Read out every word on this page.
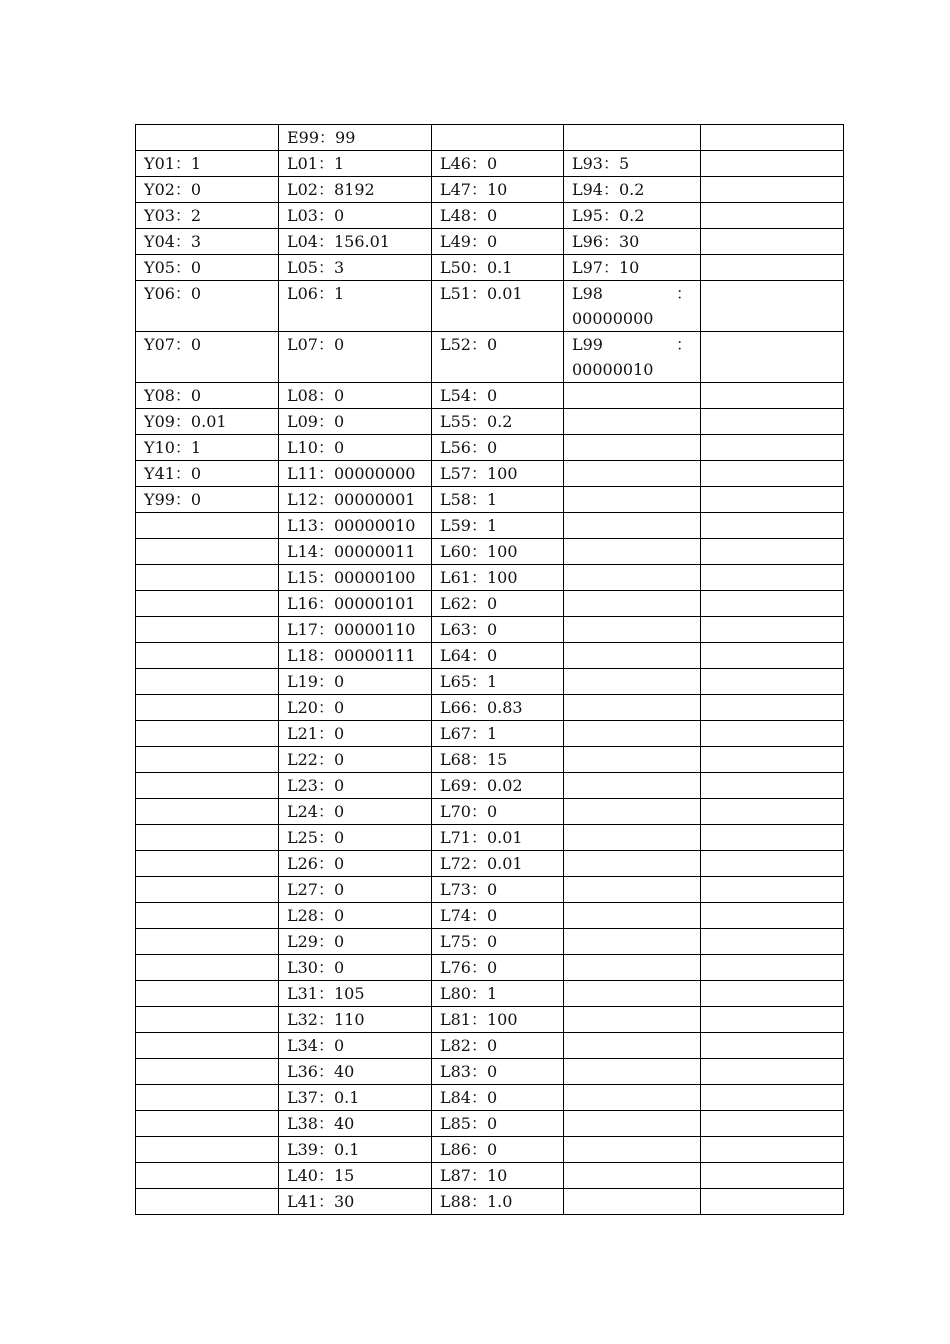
	E99：99			
Y01：1	L01：1	L46：0	L93：5	
Y02：0	L02：8192	L47：10	L94：0.2	
Y03：2	L03：0	L48：0	L95：0.2	
Y04：3	L04：156.01	L49：0	L96：30	
Y05：0	L05：3	L50：0.1	L97：10	
Y06：0	L06：1	L51：0.01	L98 ：
00000000	

Y07：0	L07：0	L52：0	L99 ：
00000010	

Y08：0	L08：0	L54：0		
Y09：0.01	L09：0	L55：0.2		
Y10：1	L10：0	L56：0		
Y41：0	L11：00000000	L57：100		
Y99：0	L12：00000001	L58：1		
	L13：00000010	L59：1		
	L14：00000011	L60：100		
	L15：00000100	L61：100		
	L16：00000101	L62：0		
	L17：00000110	L63：0		
	L18：00000111	L64：0		
	L19：0	L65：1		
	L20：0	L66：0.83		
	L21：0	L67：1		
	L22：0	L68：15		
	L23：0	L69：0.02		
	L24：0	L70：0		
	L25：0	L71：0.01		
	L26：0	L72：0.01		
	L27：0	L73：0		
	L28：0	L74：0		
	L29：0	L75：0		
	L30：0	L76：0		
	L31：105	L80：1		
	L32：110	L81：100		
	L34：0	L82：0		
	L36：40	L83：0		
	L37：0.1	L84：0		
	L38：40	L85：0		
	L39：0.1	L86：0		
	L40：15	L87：10		
	L41：30	L88：1.0		
